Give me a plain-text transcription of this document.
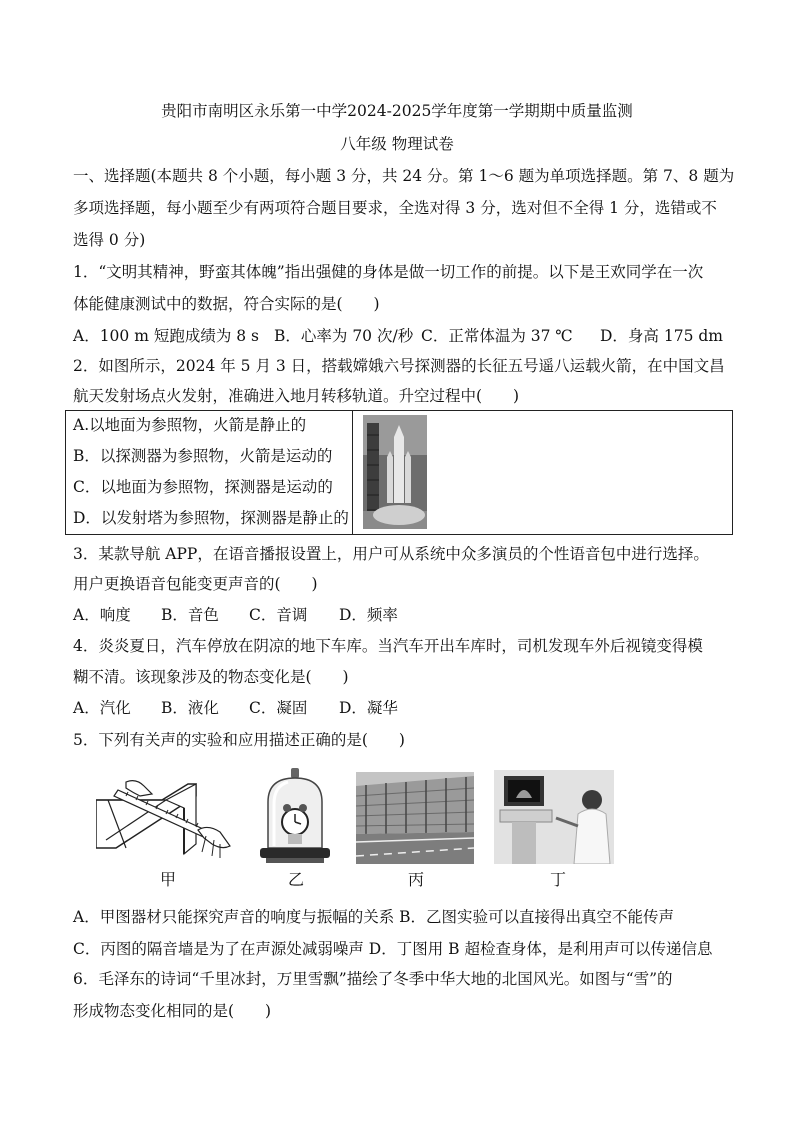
贵阳市南明区永乐第一中学2024-2025学年度第一学期期中质量监测
八年级 物理试卷
一、选择题(本题共 8 个小题，每小题 3 分，共 24 分。第 1～6 题为单项选择题。第 7、8 题为
多项选择题，每小题至少有两项符合题目要求，全选对得 3 分，选对但不全得 1 分，选错或不
选得 0 分)
1．“文明其精神，野蛮其体魄”指出强健的身体是做一切工作的前提。以下是王欢同学在一次
体能健康测试中的数据，符合实际的是(　　)
A．100 m 短跑成绩为 8 s B．心率为 70 次/秒 C．正常体温为 37 ℃ D．身高 175 dm
2．如图所示，2024 年 5 月 3 日，搭载嫦娥六号探测器的长征五号遥八运载火箭，在中国文昌
航天发射场点火发射，准确进入地月转移轨道。升空过程中(　　)
A.以地面为参照物，火箭是静止的
B．以探测器为参照物，火箭是运动的
C．以地面为参照物，探测器是运动的
D．以发射塔为参照物，探测器是静止的
3．某款导航 APP，在语音播报设置上，用户可从系统中众多演员的个性语音包中进行选择。
用户更换语音包能变更声音的(　　)
A．响度 B．音色 C．音调 D．频率
4．炎炎夏日，汽车停放在阴凉的地下车库。当汽车开出车库时，司机发现车外后视镜变得模
糊不清。该现象涉及的物态变化是(　　)
A．汽化 B．液化 C．凝固 D．凝华
5．下列有关声的实验和应用描述正确的是(　　)
甲	乙	丙	丁
A．甲图器材只能探究声音的响度与振幅的关系 B．乙图实验可以直接得出真空不能传声
C．丙图的隔音墙是为了在声源处减弱噪声 D．丁图用 B 超检查身体，是利用声可以传递信息
6．毛泽东的诗词“千里冰封，万里雪飘”描绘了冬季中华大地的北国风光。如图与“雪”的
形成物态变化相同的是(　　)
